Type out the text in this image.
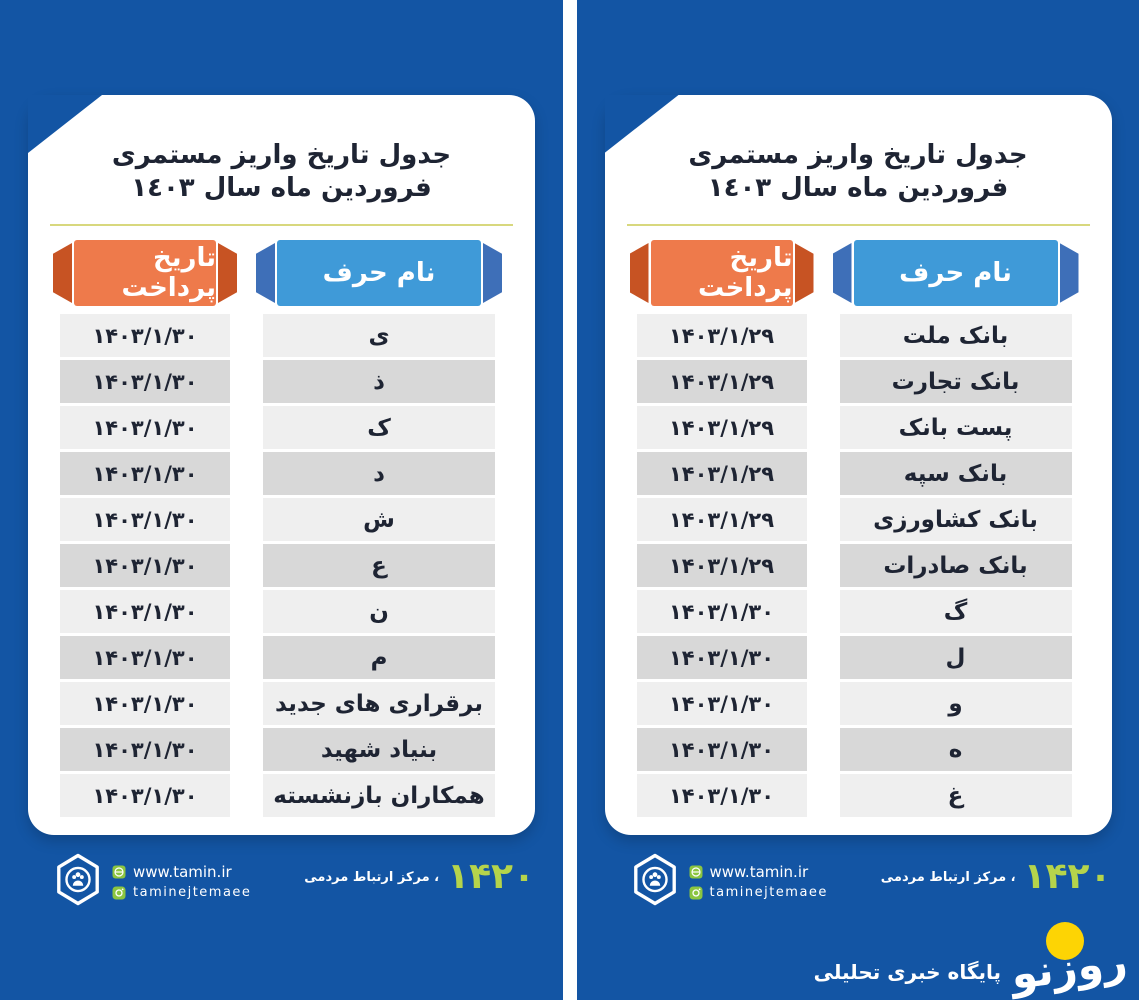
جدول تاریخ واریز مستمری فروردین ماه سال ١٤٠٣
نام حرف
تاریخ پرداخت
ی
۱۴۰۳/۱/۳۰
ذ
۱۴۰۳/۱/۳۰
ک
۱۴۰۳/۱/۳۰
د
۱۴۰۳/۱/۳۰
ش
۱۴۰۳/۱/۳۰
ع
۱۴۰۳/۱/۳۰
ن
۱۴۰۳/۱/۳۰
م
۱۴۰۳/۱/۳۰
برقراری های جدید
۱۴۰۳/۱/۳۰
بنیاد شهید
۱۴۰۳/۱/۳۰
همکاران بازنشسته
۱۴۰۳/۱/۳۰
www.tamin.ir
taminejtemaee	۱۴۲۰
، مرکز ارتباط مردمی
جدول تاریخ واریز مستمری فروردین ماه سال ١٤٠٣
نام حرف
تاریخ پرداخت
بانک ملت
۱۴۰۳/۱/۲۹
بانک تجارت
۱۴۰۳/۱/۲۹
پست بانک
۱۴۰۳/۱/۲۹
بانک سپه
۱۴۰۳/۱/۲۹
بانک کشاورزی
۱۴۰۳/۱/۲۹
بانک صادرات
۱۴۰۳/۱/۲۹
گ
۱۴۰۳/۱/۳۰
ل
۱۴۰۳/۱/۳۰
و
۱۴۰۳/۱/۳۰
ه
۱۴۰۳/۱/۳۰
غ
۱۴۰۳/۱/۳۰
www.tamin.ir
taminejtemaee	۱۴۲۰
، مرکز ارتباط مردمی

پایگاه خبری تحلیلی روزنو
